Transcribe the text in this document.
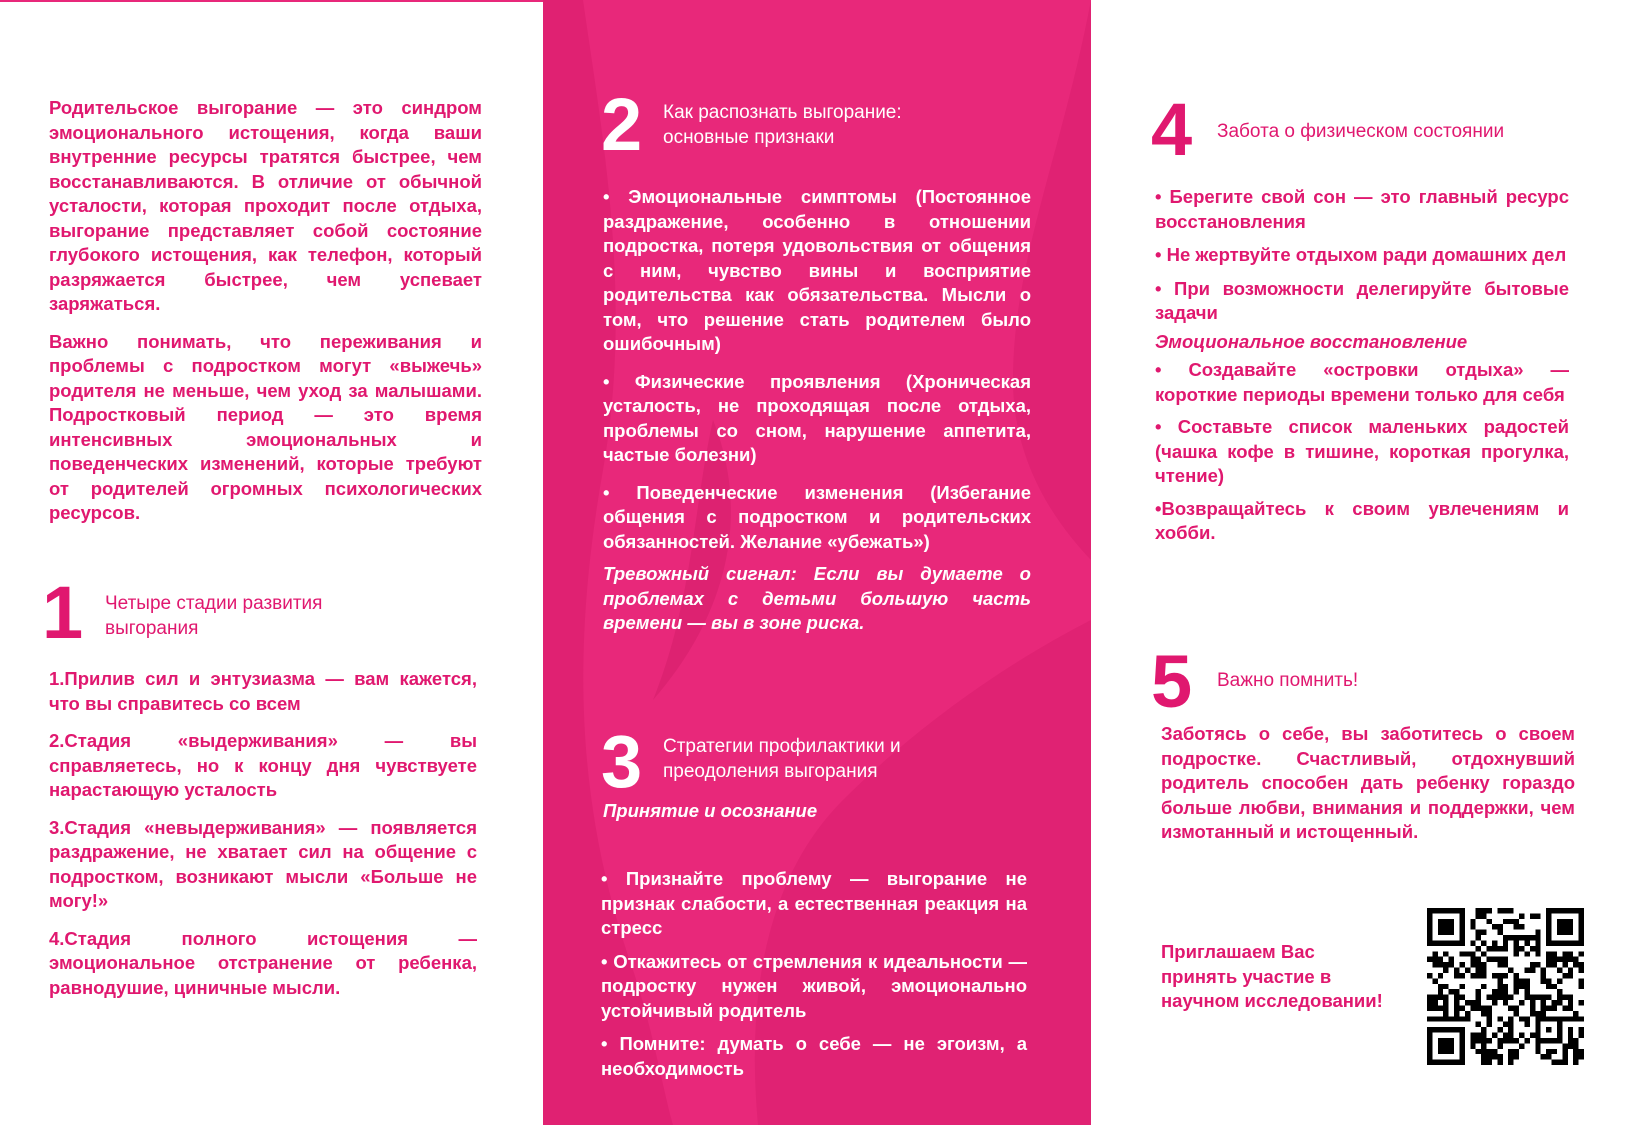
Родительское выгорание — это синдром эмоционального истощения, когда ваши внутренние ресурсы тратятся быстрее, чем восстанавливаются. В отличие от обычной усталости, которая проходит после отдыха, выгорание представляет собой состояние глубокого истощения, как телефон, который разряжается быстрее, чем успевает заряжаться.

Важно понимать, что переживания и проблемы с подростком могут «выжечь» родителя не меньше, чем уход за малышами. Подростковый период — это время интенсивных эмоциональных и поведенческих изменений, которые требуют от родителей огромных психологических ресурсов.

1 Четыре стадии развития
выгорания

1.Прилив сил и энтузиазма — вам кажется, что вы справитесь со всем

2.Стадия «выдерживания» — вы справляетесь, но к концу дня чувствуете нарастающую усталость

3.Стадия «невыдерживания» — появляется раздражение, не хватает сил на общение с подростком, возникают мысли «Больше не могу!»

4.Стадия полного истощения — эмоциональное отстранение от ребенка, равнодушие, циничные мысли.

2 Как распознать выгорание:
основные признаки

• Эмоциональные симптомы (Постоянное раздражение, особенно в отношении подростка, потеря удовольствия от общения с ним, чувство вины и восприятие родительства как обязательства. Мысли о том, что решение стать родителем было ошибочным)

• Физические проявления (Хроническая усталость, не проходящая после отдыха, проблемы со сном, нарушение аппетита, частые болезни)

• Поведенческие изменения (Избегание общения с подростком и родительских обязанностей. Желание «убежать»)

Тревожный сигнал: Если вы думаете о проблемах с детьми большую часть времени — вы в зоне риска.

3 Стратегии профилактики и
преодоления выгорания
Принятие и осознание

• Признайте проблему — выгорание не признак слабости, а естественная реакция на стресс

• Откажитесь от стремления к идеальности — подростку нужен живой, эмоционально устойчивый родитель

• Помните: думать о себе — не эгоизм, а необходимость

4 Забота о физическом состоянии

• Берегите свой сон — это главный ресурс восстановления

• Не жертвуйте отдыхом ради домашних дел

• При возможности делегируйте бытовые задачи

Эмоциональное восстановление

• Создавайте «островки отдыха» — короткие периоды времени только для себя

• Составьте список маленьких радостей (чашка кофе в тишине, короткая прогулка, чтение)

•Возвращайтесь к своим увлечениям и хобби.

5 Важно помнить!
Заботясь о себе, вы заботитесь о своем подростке. Счастливый, отдохнувший родитель способен дать ребенку гораздо больше любви, внимания и поддержки, чем измотанный и истощенный.
Приглашаем Вас
принять участие в
научном исследовании!
